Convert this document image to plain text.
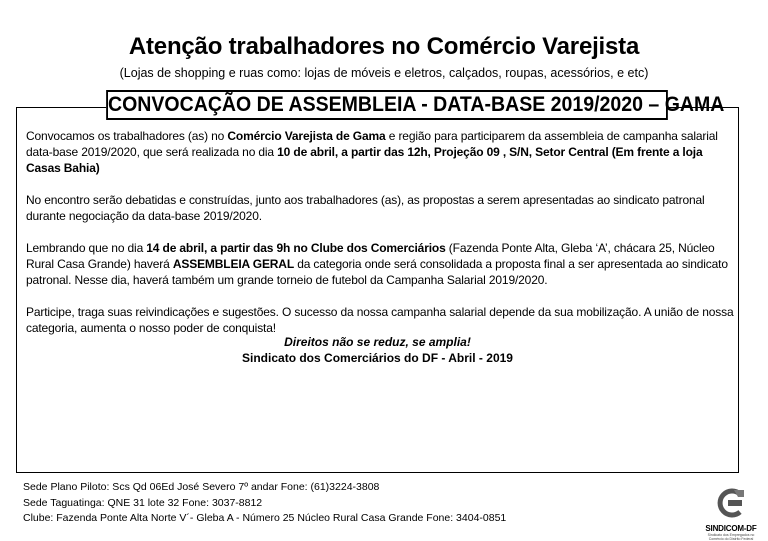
Atenção trabalhadores no Comércio Varejista
(Lojas de shopping e ruas como: lojas de móveis e eletros, calçados, roupas, acessórios, e etc)
CONVOCAÇÃO DE ASSEMBLEIA - DATA-BASE 2019/2020 – GAMA

Convocamos os trabalhadores (as) no Comércio Varejista de Gama e região para participarem da assembleia de campanha salarial data-base 2019/2020, que será realizada no dia 10 de abril, a partir das 12h, Projeção 09 , S/N, Setor Central (Em frente a loja Casas Bahia)

No encontro serão debatidas e construídas, junto aos trabalhadores (as), as propostas a serem apresentadas ao sindicato patronal durante negociação da data-base 2019/2020.

Lembrando que no dia 14 de abril, a partir das 9h no Clube dos Comerciários (Fazenda Ponte Alta, Gleba ‘A’, chácara 25, Núcleo Rural Casa Grande) haverá ASSEMBLEIA GERAL da categoria onde será consolidada a proposta final a ser apresentada ao sindicato patronal. Nesse dia, haverá também um grande torneio de futebol da Campanha Salarial 2019/2020.

Participe, traga suas reivindicações e sugestões. O sucesso da nossa campanha salarial depende da sua mobilização. A união de nossa categoria, aumenta o nosso poder de conquista!

Direitos não se reduz, se amplia!
Sindicato dos Comerciários do DF - Abril - 2019
Sede Plano Piloto: Scs Qd 06Ed José Severo 7º andar Fone: (61)3224-3808
Sede Taguatinga: QNE 31 lote 32 Fone: 3037-8812
Clube: Fazenda Ponte Alta Norte V´- Gleba A - Número 25 Núcleo Rural Casa Grande Fone: 3404-0851
SINDICOM-DF
Sindicato dos Empregados no Comércio do Distrito Federal
